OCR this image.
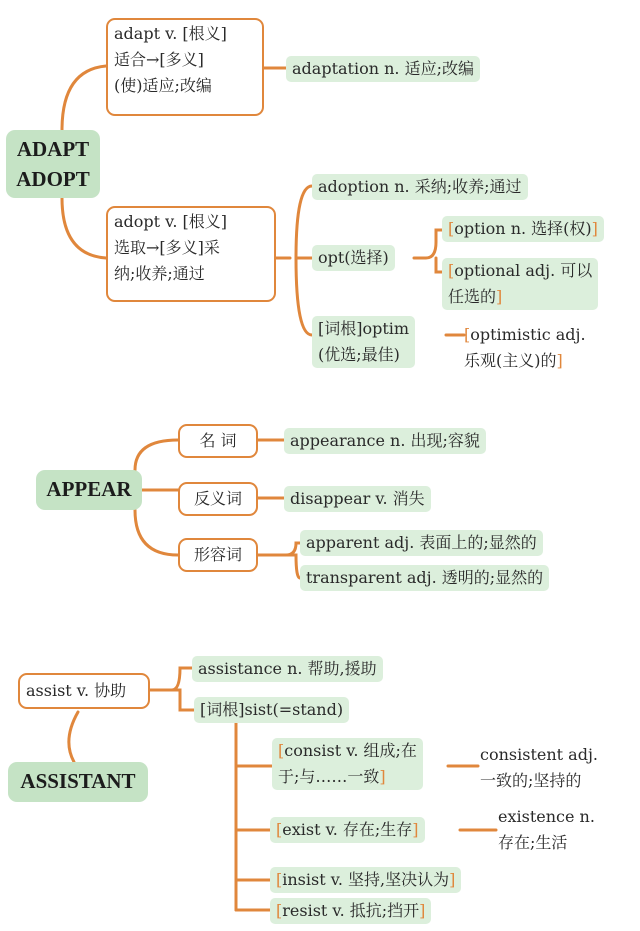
ADAPT
ADOPT
adapt v. [根义]
适合→[多义]
(使)适应;改编
adaptation n. 适应;改编
adopt v. [根义]
选取→[多义]采
纳;收养;通过
adoption n. 采纳;收养;通过
opt(选择)
[option n. 选择(权)]
[optional adj. 可以
任选的]
[词根]optim
(优选;最佳)
[optimistic adj.
乐观(主义)的]
APPEAR
名 词	appearance n. 出现;容貌
反义词	disappear v. 消失
形容词
apparent adj. 表面上的;显然的
transparent adj. 透明的;显然的
assist v. 协助
ASSISTANT
assistance n. 帮助,援助
[词根]sist(=stand)
[consist v. 组成;在
于;与……一致]
consistent adj.
一致的;坚持的
[exist v. 存在;生存]
existence n.
存在;生活
[insist v. 坚持,坚决认为]
[resist v. 抵抗;挡开]
